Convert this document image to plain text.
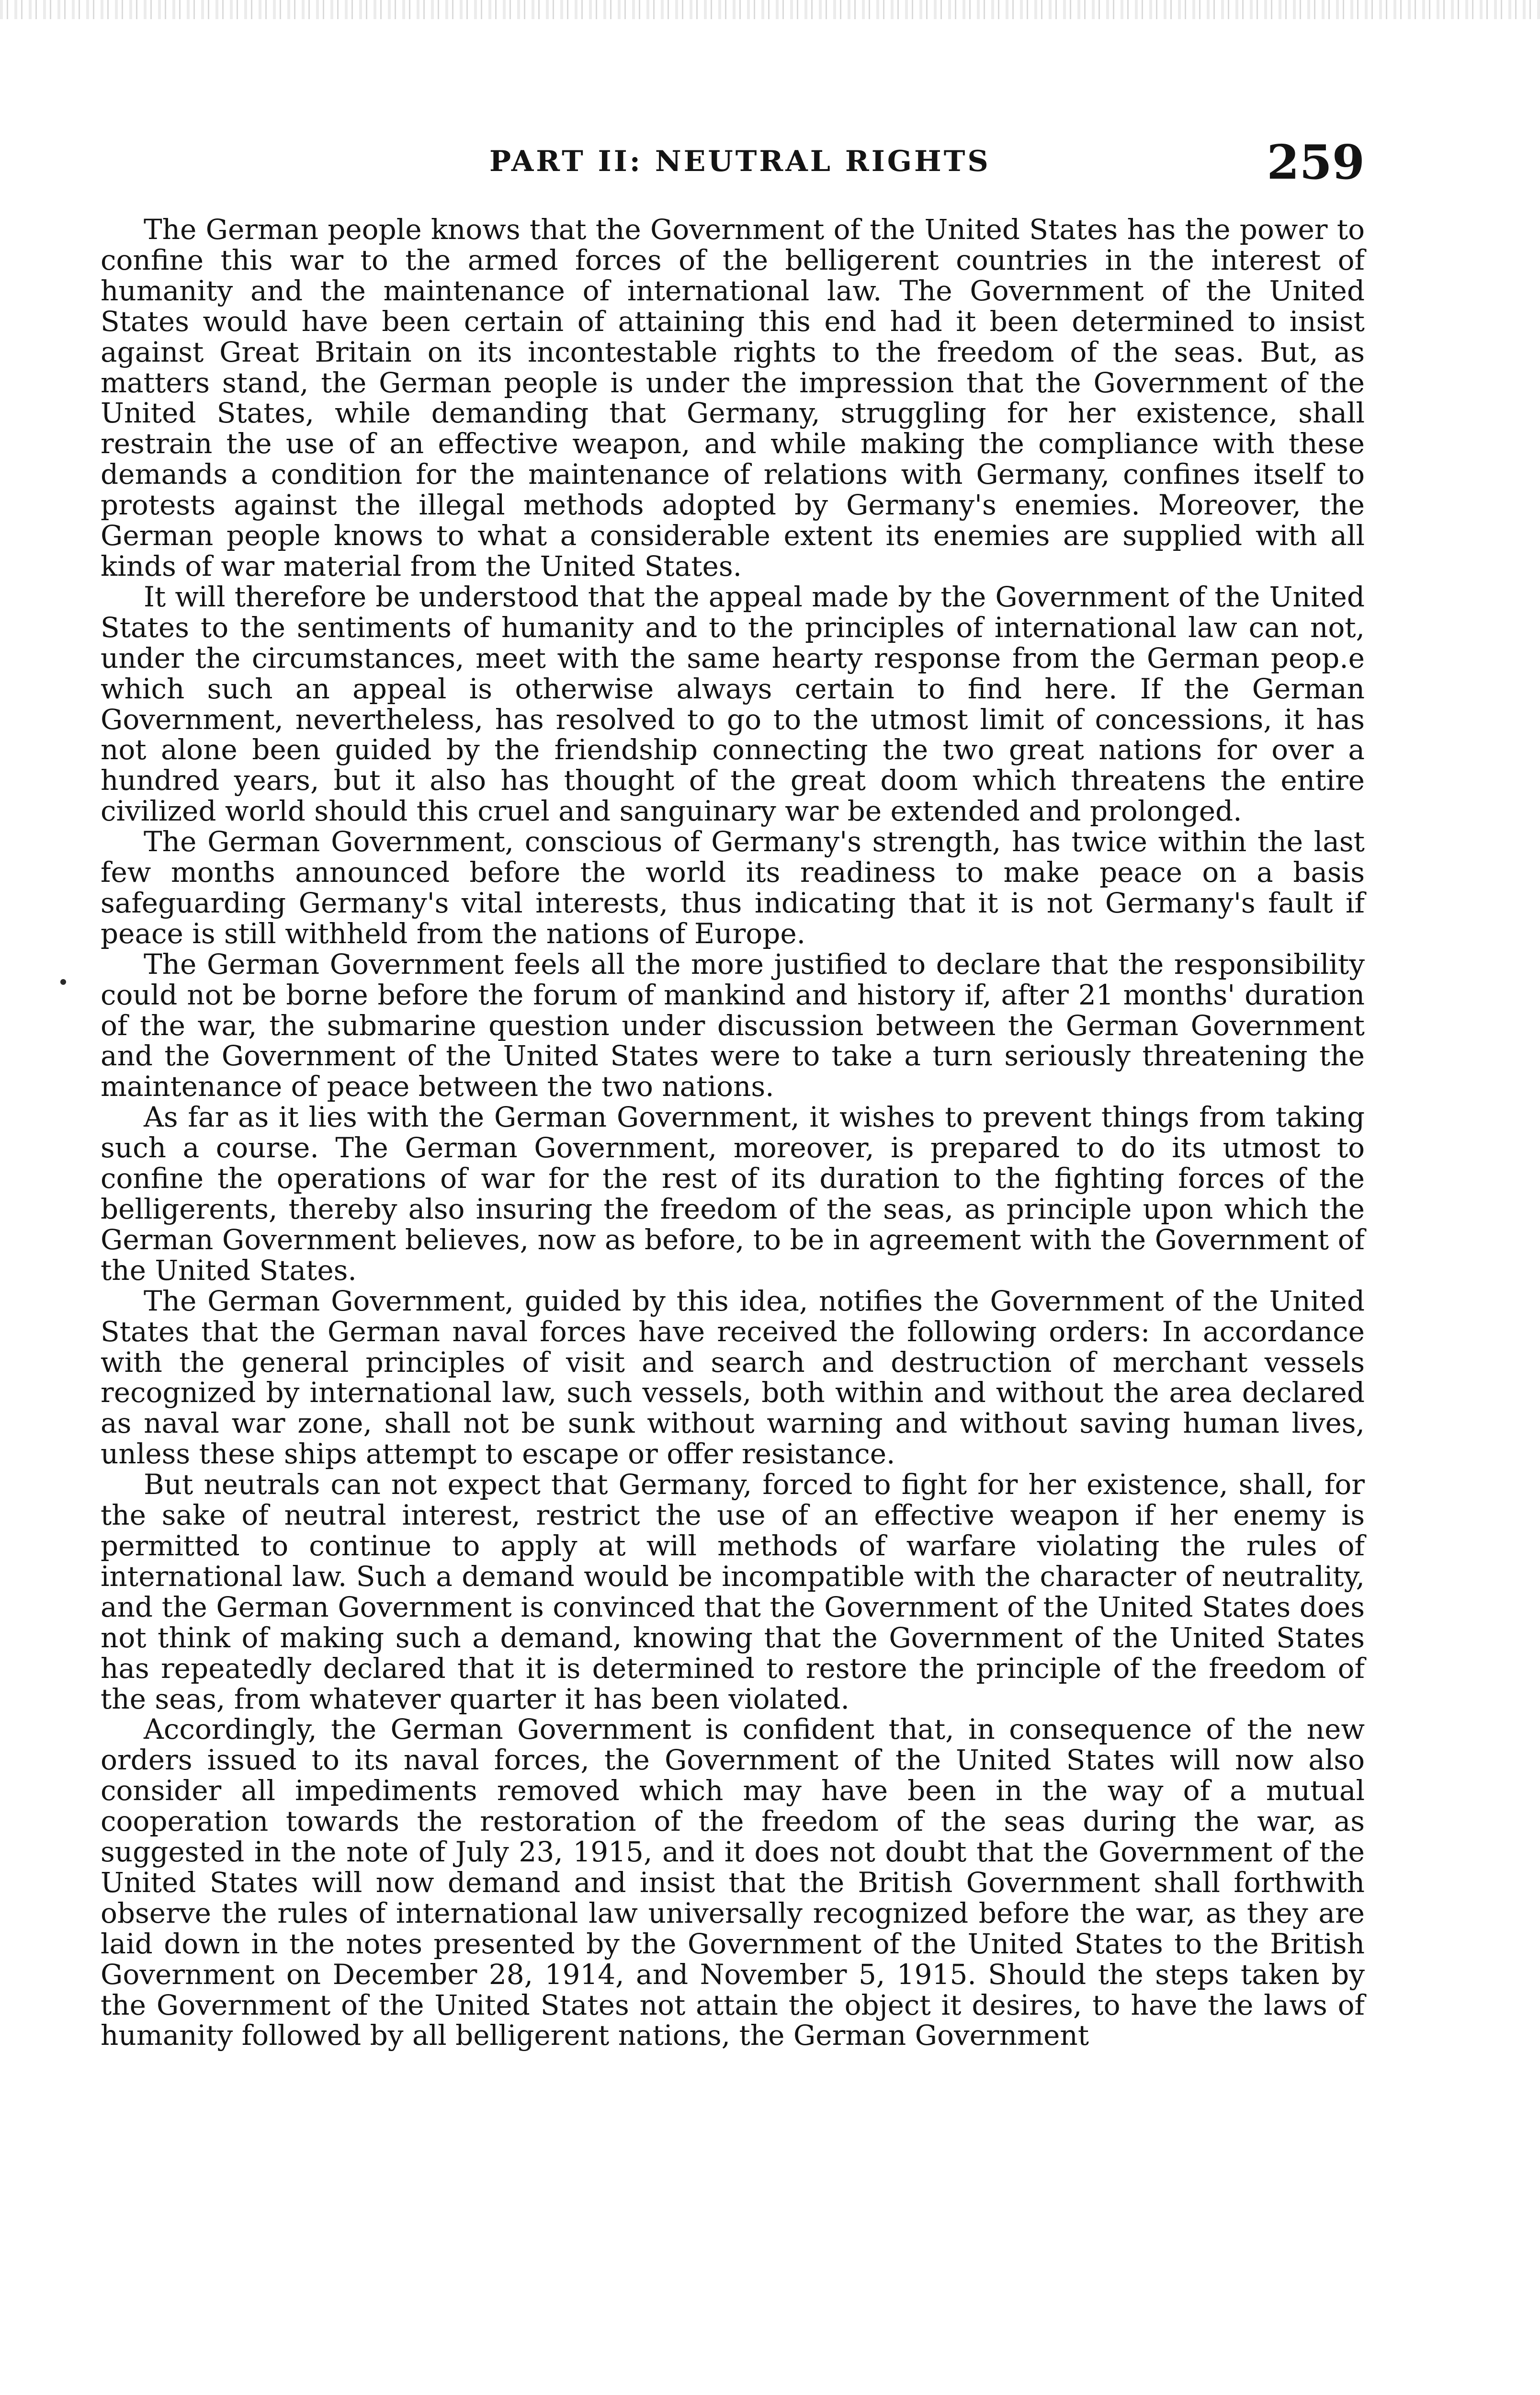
PART II: NEUTRAL RIGHTS	259

The German people knows that the Government of the United States has the power to confine this war to the armed forces of the belligerent countries in the interest of humanity and the maintenance of international law. The Government of the United States would have been certain of attaining this end had it been determined to insist against Great Britain on its incontestable rights to the freedom of the seas. But, as matters stand, the German people is under the impression that the Government of the United States, while demanding that Germany, struggling for her existence, shall restrain the use of an effective weapon, and while making the compliance with these demands a condition for the maintenance of relations with Germany, confines itself to protests against the illegal methods adopted by Germany's enemies. Moreover, the German people knows to what a considerable extent its enemies are supplied with all kinds of war material from the United States.

It will therefore be understood that the appeal made by the Government of the United States to the sentiments of humanity and to the principles of international law can not, under the circumstances, meet with the same hearty response from the German peop.e which such an appeal is otherwise always certain to find here. If the German Government, nevertheless, has resolved to go to the utmost limit of concessions, it has not alone been guided by the friendship connecting the two great nations for over a hundred years, but it also has thought of the great doom which threatens the entire civilized world should this cruel and sanguinary war be extended and prolonged.

The German Government, conscious of Germany's strength, has twice within the last few months announced before the world its readiness to make peace on a basis safeguarding Germany's vital interests, thus indicating that it is not Germany's fault if peace is still withheld from the nations of Europe.

The German Government feels all the more justified to declare that the responsibility could not be borne before the forum of mankind and history if, after 21 months' duration of the war, the submarine question under discussion between the German Government and the Government of the United States were to take a turn seriously threatening the maintenance of peace between the two nations.

As far as it lies with the German Government, it wishes to prevent things from taking such a course. The German Government, moreover, is prepared to do its utmost to confine the operations of war for the rest of its duration to the fighting forces of the belligerents, thereby also insuring the freedom of the seas, as principle upon which the German Government believes, now as before, to be in agreement with the Government of the United States.

The German Government, guided by this idea, notifies the Government of the United States that the German naval forces have received the following orders: In accordance with the general principles of visit and search and destruction of merchant vessels recognized by international law, such vessels, both within and without the area declared as naval war zone, shall not be sunk without warning and without saving human lives, unless these ships attempt to escape or offer resistance.

But neutrals can not expect that Germany, forced to fight for her existence, shall, for the sake of neutral interest, restrict the use of an effective weapon if her enemy is permitted to continue to apply at will methods of warfare violating the rules of international law. Such a demand would be incompatible with the character of neutrality, and the German Government is convinced that the Government of the United States does not think of making such a demand, knowing that the Government of the United States has repeatedly declared that it is determined to restore the principle of the freedom of the seas, from whatever quarter it has been violated.

Accordingly, the German Government is confident that, in consequence of the new orders issued to its naval forces, the Government of the United States will now also consider all impediments removed which may have been in the way of a mutual cooperation towards the restoration of the freedom of the seas during the war, as suggested in the note of July 23, 1915, and it does not doubt that the Government of the United States will now demand and insist that the British Government shall forthwith observe the rules of international law universally recognized before the war, as they are laid down in the notes presented by the Government of the United States to the British Government on December 28, 1914, and November 5, 1915. Should the steps taken by the Government of the United States not attain the object it desires, to have the laws of humanity followed by all belligerent nations, the German Government
